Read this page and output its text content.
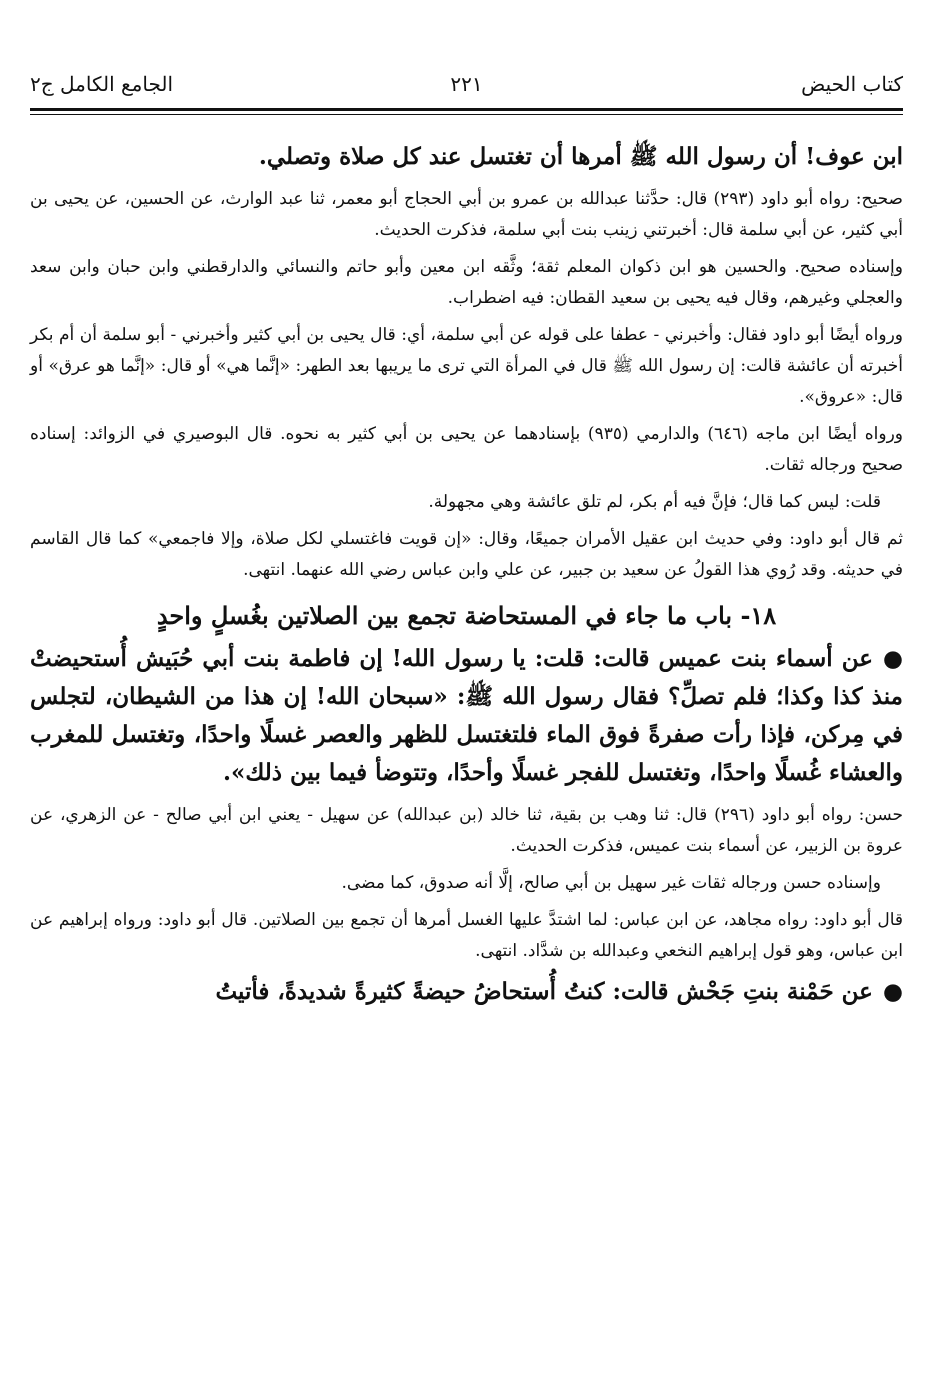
كتاب الحيض
٢٢١
الجامع الكامل ج٢

ابن عوف! أن رسول الله ﷺ أمرها أن تغتسل عند كل صلاة وتصلي.

صحيح: رواه أبو داود (٢٩٣) قال: حدَّثنا عبدالله بن عمرو بن أبي الحجاج أبو معمر، ثنا عبد الوارث، عن الحسين، عن يحيى بن أبي كثير، عن أبي سلمة قال: أخبرتني زينب بنت أبي سلمة، فذكرت الحديث.

وإسناده صحيح. والحسين هو ابن ذكوان المعلم ثقة؛ وثَّقه ابن معين وأبو حاتم والنسائي والدارقطني وابن حبان وابن سعد والعجلي وغيرهم، وقال فيه يحيى بن سعيد القطان: فيه اضطراب.

ورواه أيضًا أبو داود فقال: وأخبرني - عطفا على قوله عن أبي سلمة، أي: قال يحيى بن أبي كثير وأخبرني - أبو سلمة أن أم بكر أخبرته أن عائشة قالت: إن رسول الله ﷺ قال في المرأة التي ترى ما يريبها بعد الطهر: «إنَّما هي» أو قال: «إنَّما هو عرق» أو قال: «عروق».

ورواه أيضًا ابن ماجه (٦٤٦) والدارمي (٩٣٥) بإسنادهما عن يحيى بن أبي كثير به نحوه. قال البوصيري في الزوائد: إسناده صحيح ورجاله ثقات.

قلت: ليس كما قال؛ فإنَّ فيه أم بكر، لم تلق عائشة وهي مجهولة.

ثم قال أبو داود: وفي حديث ابن عقيل الأمران جميعًا، وقال: «إن قويت فاغتسلي لكل صلاة، وإلا فاجمعي» كما قال القاسم في حديثه. وقد رُوي هذا القولُ عن سعيد بن جبير، عن علي وابن عباس رضي الله عنهما. انتهى.

١٨- باب ما جاء في المستحاضة تجمع بين الصلاتين بغُسلٍ واحدٍ

●عن أسماء بنت عميس قالت: قلت: يا رسول الله! إن فاطمة بنت أبي حُبَيش أُستحيضتْ منذ كذا وكذا؛ فلم تصلِّ؟ فقال رسول الله ﷺ: «سبحان الله! إن هذا من الشيطان، لتجلس في مِركن، فإذا رأت صفرةً فوق الماء فلتغتسل للظهر والعصر غسلًا واحدًا، وتغتسل للمغرب والعشاء غُسلًا واحدًا، وتغتسل للفجر غسلًا وأحدًا، وتتوضأ فيما بين ذلك».

حسن: رواه أبو داود (٢٩٦) قال: ثنا وهب بن بقية، ثنا خالد (بن عبدالله) عن سهيل - يعني ابن أبي صالح - عن الزهري، عن عروة بن الزبير، عن أسماء بنت عميس، فذكرت الحديث.

وإسناده حسن ورجاله ثقات غير سهيل بن أبي صالح، إلَّا أنه صدوق، كما مضى.

قال أبو داود: رواه مجاهد، عن ابن عباس: لما اشتدَّ عليها الغسل أمرها أن تجمع بين الصلاتين. قال أبو داود: ورواه إبراهيم عن ابن عباس، وهو قول إبراهيم النخعي وعبدالله بن شدَّاد. انتهى.

●عن حَمْنة بنتِ جَحْش قالت: كنتُ أُستحاضُ حيضةً كثيرةً شديدةً، فأتيتُ
